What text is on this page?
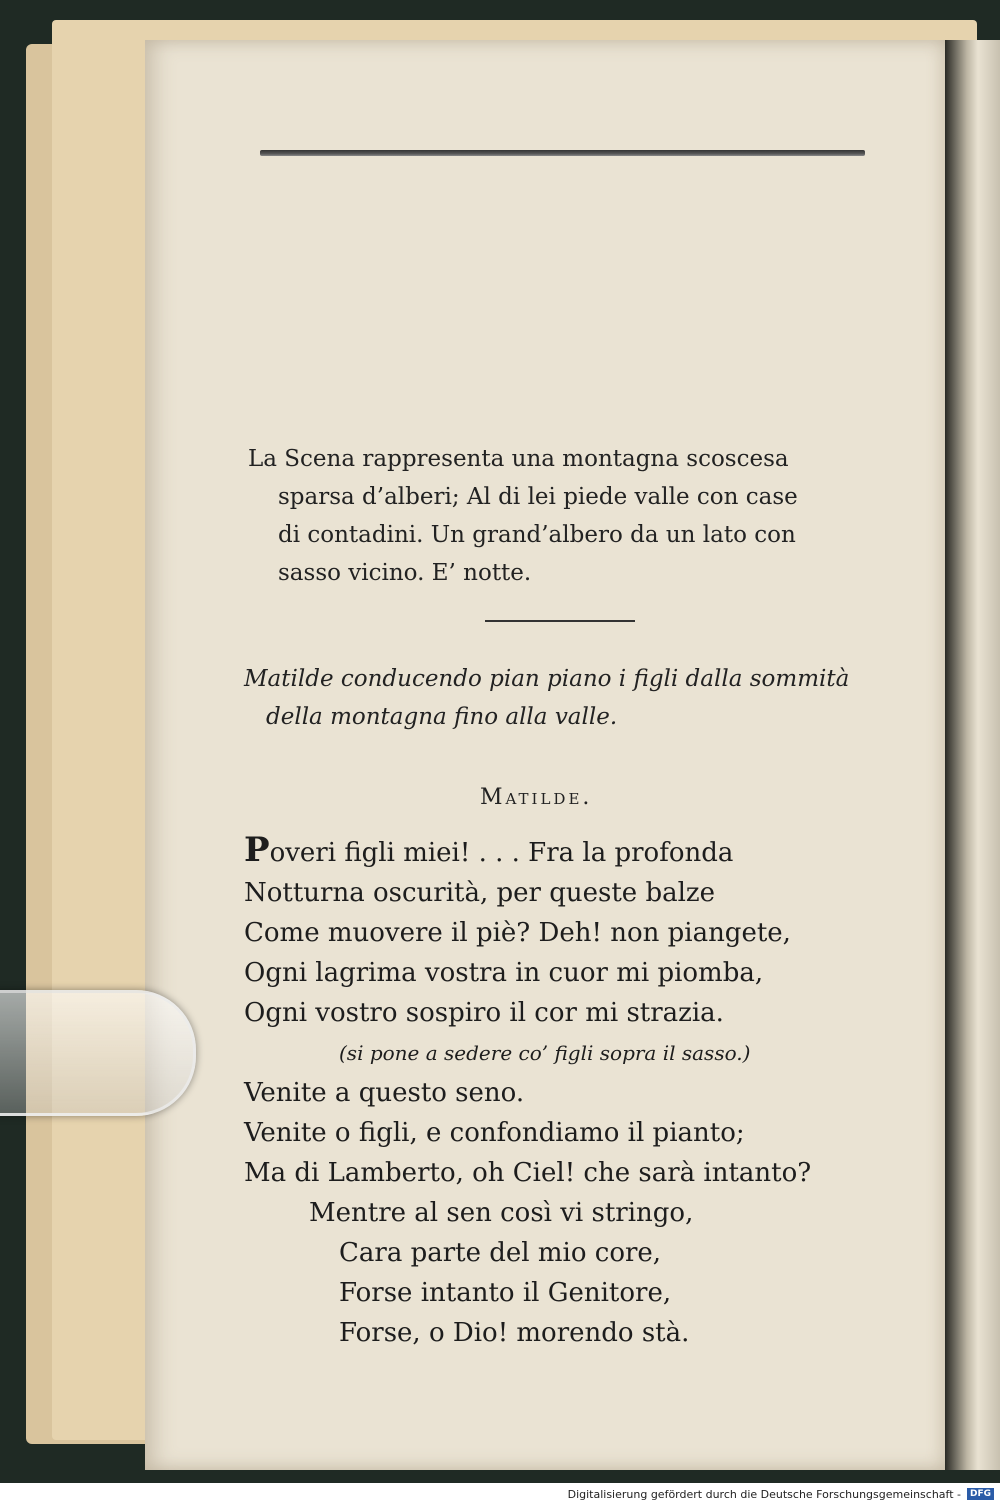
La Scena rappresenta una montagna scoscesa
sparsa d’alberi; Al di lei piede valle con case
di contadini. Un grand’albero da un lato con
sasso vicino. E’ notte.
Matilde conducendo pian piano i figli dalla sommità
della montagna fino alla valle.
Matilde.
Poveri figli miei! . . . Fra la profonda
Notturna oscurità, per queste balze
Come muovere il piè? Deh! non piangete,
Ogni lagrima vostra in cuor mi piomba,
Ogni vostro sospiro il cor mi strazia.
(si pone a sedere co’ figli sopra il sasso.)
Venite a questo seno.
Venite o figli, e confondiamo il pianto;
Ma di Lamberto, oh Ciel! che sarà intanto?
Mentre al sen così vi stringo,
Cara parte del mio core,
Forse intanto il Genitore,
Forse, o Dio! morendo stà.
Digitalisierung gefördert durch die Deutsche Forschungsgemeinschaft -	DFG
